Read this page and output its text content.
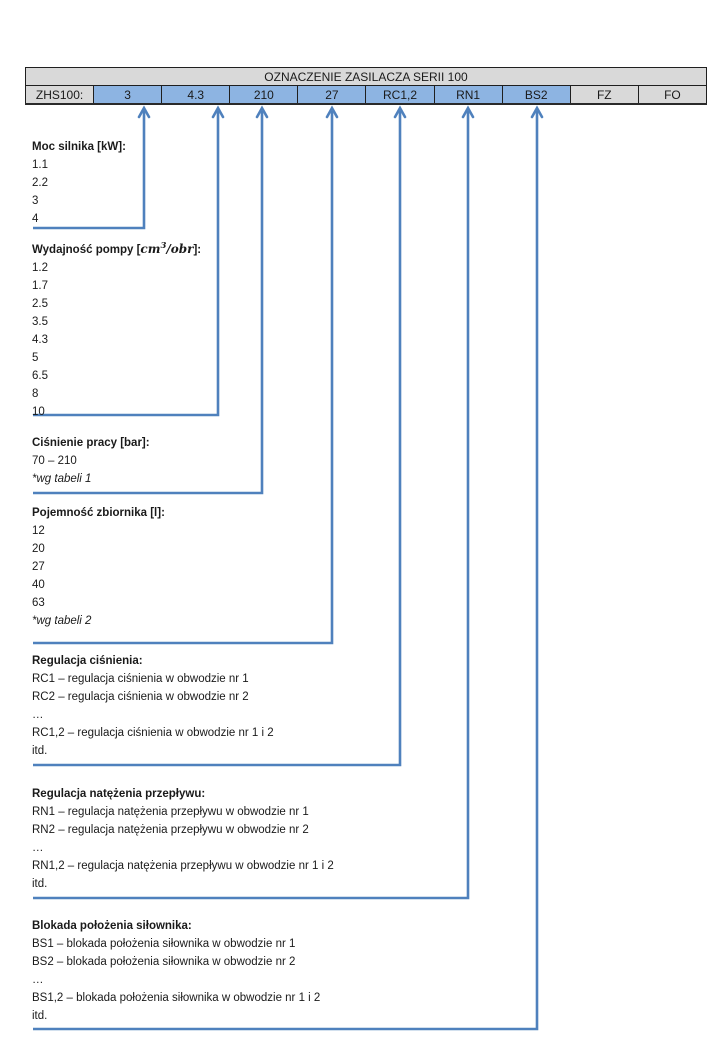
OZNACZENIE ZASILACZA SERII 100
ZHS100:	3	4.3	210	27	RC1,2	RN1	BS2	FZ	FO
Moc silnika [kW]:
1.1
2.2
3
4
Wydajność pompy $[cm^3/obr]$:
1.2
1.7
2.5
3.5
4.3
5
6.5
8
10
Ciśnienie pracy [bar]:
70 – 210
*wg tabeli 1
Pojemność zbiornika [l]:
12
20
27
40
63
*wg tabeli 2
Regulacja ciśnienia:
RC1 – regulacja ciśnienia w obwodzie nr 1
RC2 – regulacja ciśnienia w obwodzie nr 2
…
RC1,2 – regulacja ciśnienia w obwodzie nr 1 i 2
itd.
Regulacja natężenia przepływu:
RN1 – regulacja natężenia przepływu w obwodzie nr 1
RN2 – regulacja natężenia przepływu w obwodzie nr 2
…
RN1,2 – regulacja natężenia przepływu w obwodzie nr 1 i 2
itd.
Blokada położenia siłownika:
BS1 – blokada położenia siłownika w obwodzie nr 1
BS2 – blokada położenia siłownika w obwodzie nr 2
…
BS1,2 – blokada położenia siłownika w obwodzie nr 1 i 2
itd.
